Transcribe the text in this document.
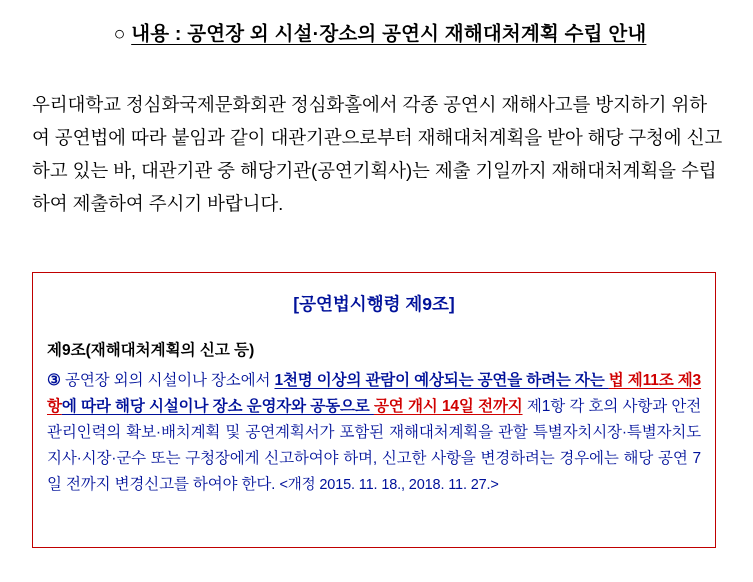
○ 내용 : 공연장 외 시설·장소의 공연시 재해대처계획 수립 안내

우리대학교 정심화국제문화회관 정심화홀에서 각종 공연시 재해사고를 방지하기 위하여 공연법에 따라 붙임과 같이 대관기관으로부터 재해대처계획을 받아 해당 구청에 신고하고 있는 바, 대관기관 중 해당기관(공연기획사)는 제출 기일까지 재해대처계획을 수립하여 제출하여 주시기 바랍니다.

[공연법시행령 제9조]
제9조(재해대처계획의 신고 등)
③ 공연장 외의 시설이나 장소에서 1천명 이상의 관람이 예상되는 공연을 하려는 자는 법 제11조 제3항에 따라 해당 시설이나 장소 운영자와 공동으로 공연 개시 14일 전까지 제1항 각 호의 사항과 안전관리인력의 확보·배치계획 및 공연계획서가 포함된 재해대처계획을 관할 특별자치시장·특별자치도지사·시장·군수 또는 구청장에게 신고하여야 하며, 신고한 사항을 변경하려는 경우에는 해당 공연 7일 전까지 변경신고를 하여야 한다. <개정 2015. 11. 18., 2018. 11. 27.>
